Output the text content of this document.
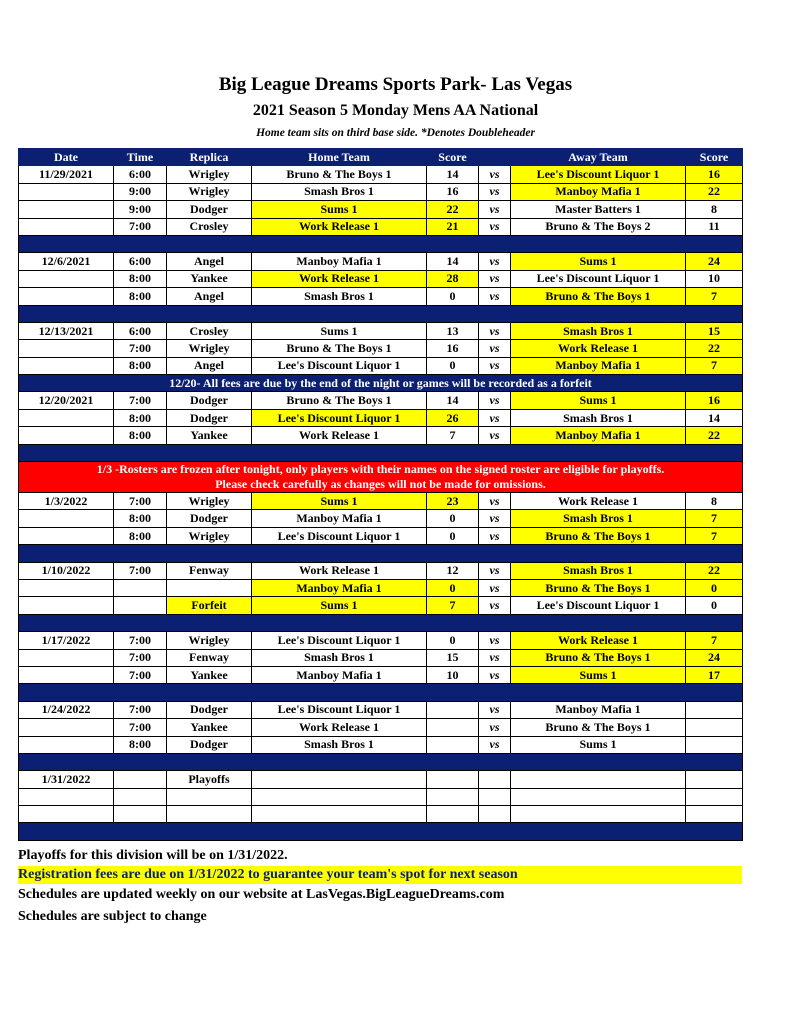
Big League Dreams Sports Park- Las Vegas
2021 Season 5 Monday Mens AA National
Home team sits on third base side. *Denotes Doubleheader
Date	Time	Replica	Home Team	Score		Away Team	Score
11/29/2021	6:00	Wrigley	Bruno & The Boys 1	14	vs	Lee's Discount Liquor 1	16
	9:00	Wrigley	Smash Bros 1	16	vs	Manboy Mafia 1	22
	9:00	Dodger	Sums 1	22	vs	Master Batters 1	8
	7:00	Crosley	Work Release 1	21	vs	Bruno & The Boys 2	11

12/6/2021	6:00	Angel	Manboy Mafia 1	14	vs	Sums 1	24
	8:00	Yankee	Work Release 1	28	vs	Lee's Discount Liquor 1	10
	8:00	Angel	Smash Bros 1	0	vs	Bruno & The Boys 1	7

12/13/2021	6:00	Crosley	Sums 1	13	vs	Smash Bros 1	15
	7:00	Wrigley	Bruno & The Boys 1	16	vs	Work Release 1	22
	8:00	Angel	Lee's Discount Liquor 1	0	vs	Manboy Mafia 1	7
12/20- All fees are due by the end of the night or games will be recorded as a forfeit							
12/20/2021	7:00	Dodger	Bruno & The Boys 1	14	vs	Sums 1	16
	8:00	Dodger	Lee's Discount Liquor 1	26	vs	Smash Bros 1	14
	8:00	Yankee	Work Release 1	7	vs	Manboy Mafia 1	22

1/3 -Rosters are frozen after tonight, only players with their names on the signed roster are eligible for playoffs.
Please check carefully as changes will not be made for omissions.							

1/3/2022	7:00	Wrigley	Sums 1	23	vs	Work Release 1	8
	8:00	Dodger	Manboy Mafia 1	0	vs	Smash Bros 1	7
	8:00	Wrigley	Lee's Discount Liquor 1	0	vs	Bruno & The Boys 1	7

1/10/2022	7:00	Fenway	Work Release 1	12	vs	Smash Bros 1	22
			Manboy Mafia 1	0	vs	Bruno & The Boys 1	0
		Forfeit	Sums 1	7	vs	Lee's Discount Liquor 1	0

1/17/2022	7:00	Wrigley	Lee's Discount Liquor 1	0	vs	Work Release 1	7
	7:00	Fenway	Smash Bros 1	15	vs	Bruno & The Boys 1	24
	7:00	Yankee	Manboy Mafia 1	10	vs	Sums 1	17

1/24/2022	7:00	Dodger	Lee's Discount Liquor 1		vs	Manboy Mafia 1	
	7:00	Yankee	Work Release 1		vs	Bruno & The Boys 1	
	8:00	Dodger	Smash Bros 1		vs	Sums 1	

1/31/2022		Playoffs					

Playoffs for this division will be on 1/31/2022.
Registration fees are due on 1/31/2022 to guarantee your team's spot for next season
Schedules are updated weekly on our website at LasVegas.BigLeagueDreams.com
Schedules are subject to change
